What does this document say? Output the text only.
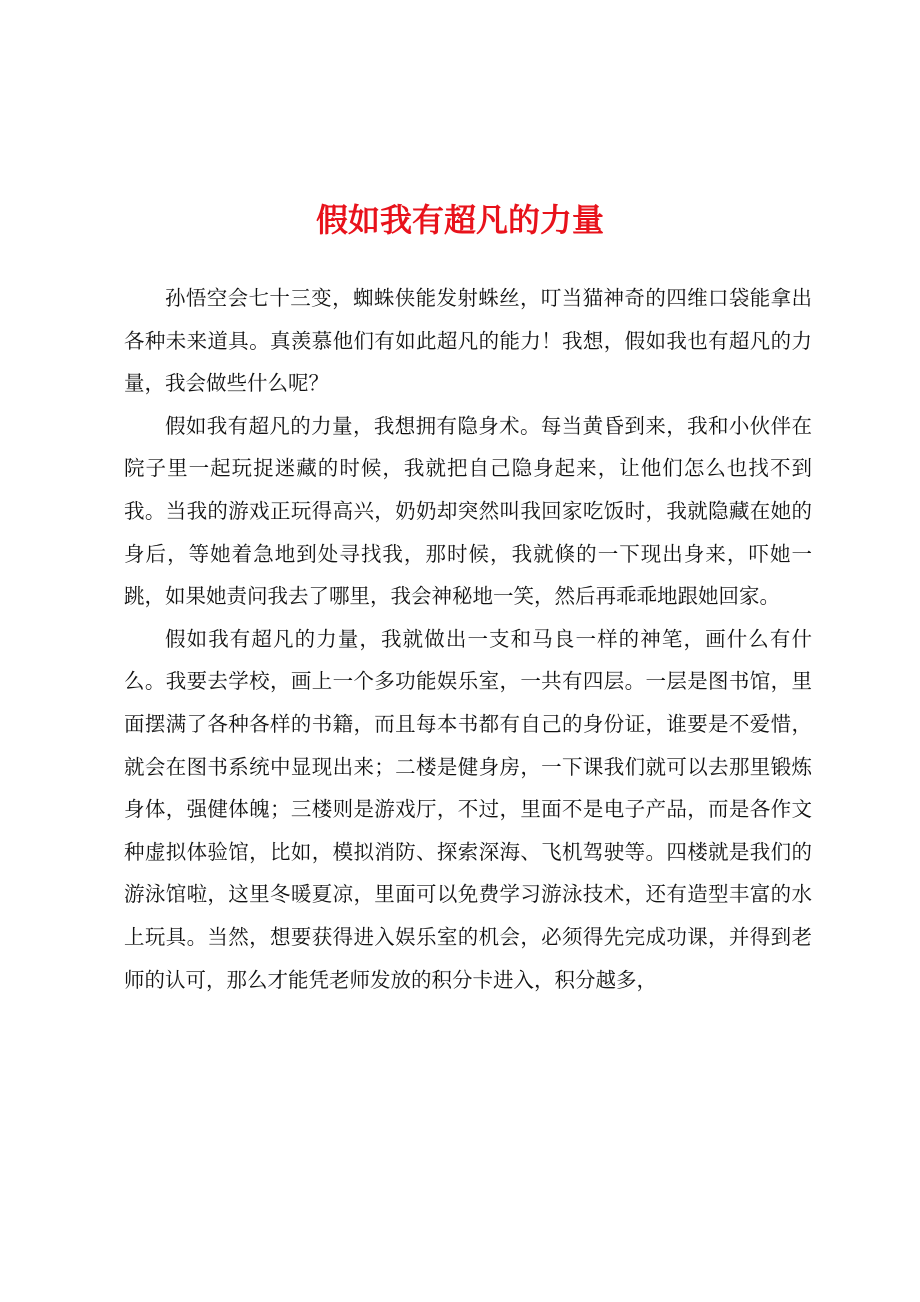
假如我有超凡的力量

孙悟空会七十三变，蜘蛛侠能发射蛛丝，叮当猫神奇的四维口袋能拿出各种未来道具。真羡慕他们有如此超凡的能力！我想，假如我也有超凡的力量，我会做些什么呢？

假如我有超凡的力量，我想拥有隐身术。每当黄昏到来，我和小伙伴在院子里一起玩捉迷藏的时候，我就把自己隐身起来，让他们怎么也找不到我。当我的游戏正玩得高兴，奶奶却突然叫我回家吃饭时，我就隐藏在她的身后，等她着急地到处寻找我，那时候，我就倏的一下现出身来，吓她一跳，如果她责问我去了哪里，我会神秘地一笑，然后再乖乖地跟她回家。

假如我有超凡的力量，我就做出一支和马良一样的神笔，画什么有什么。我要去学校，画上一个多功能娱乐室，一共有四层。一层是图书馆，里面摆满了各种各样的书籍，而且每本书都有自己的身份证，谁要是不爱惜，就会在图书系统中显现出来；二楼是健身房，一下课我们就可以去那里锻炼身体，强健体魄；三楼则是游戏厅，不过，里面不是电子产品，而是各作文种虚拟体验馆，比如，模拟消防、探索深海、飞机驾驶等。四楼就是我们的游泳馆啦，这里冬暖夏凉，里面可以免费学习游泳技术，还有造型丰富的水上玩具。当然，想要获得进入娱乐室的机会，必须得先完成功课，并得到老师的认可，那么才能凭老师发放的积分卡进入，积分越多，
